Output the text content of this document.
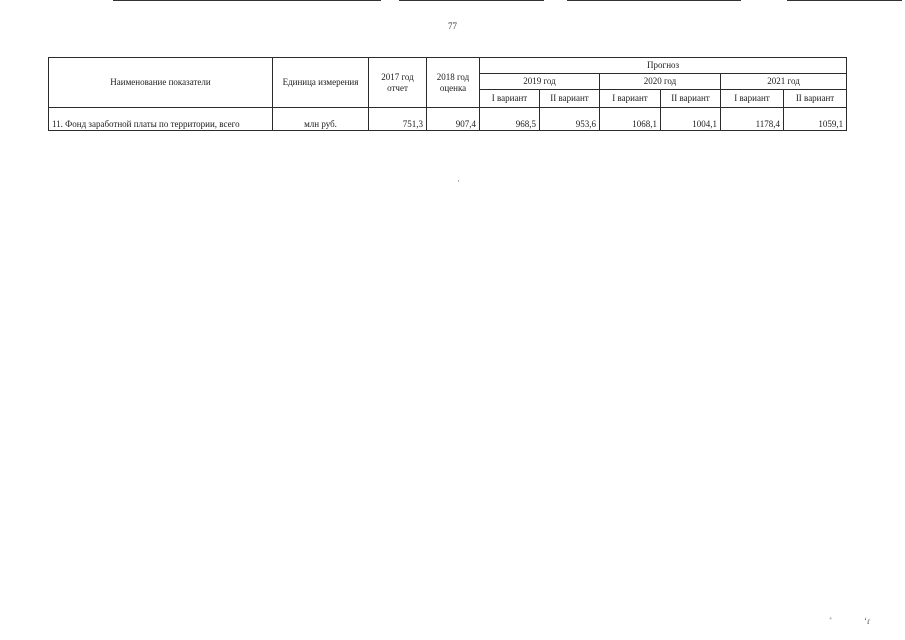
77
Наименование показатели	Единица измерения	2017 год отчет	2018 год оценка	Прогноз					
				2019 год		2020 год		2021 год	
				I вариант	II вариант	I вариант	II вариант	I вариант	II вариант
11. Фонд заработной платы по территории, всего	млн руб.	751,3	907,4	968,5	953,6	1068,1	1004,1	1178,4	1059,1
·
ﾞ	ʻɾ
